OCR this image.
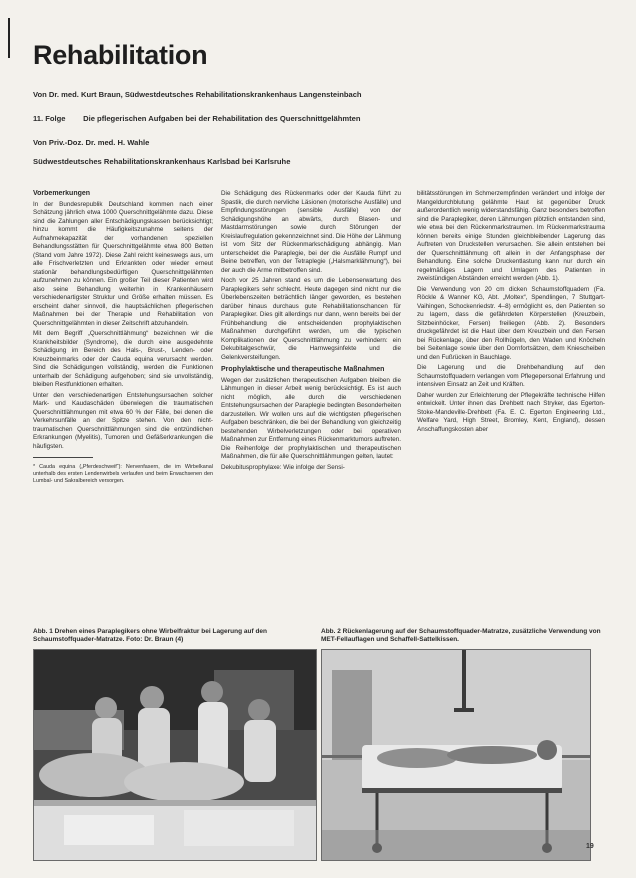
Rehabilitation
Von Dr. med. Kurt Braun, Südwestdeutsches Rehabilitationskrankenhaus Langensteinbach
11. Folge Die pflegerischen Aufgaben bei der Rehabilitation des Querschnittgelähmten
Von Priv.-Doz. Dr. med. H. Wahle
Südwestdeutsches Rehabilitationskrankenhaus Karlsbad bei Karlsruhe
Vorbemerkungen

In der Bundesrepublik Deutschland kommen nach einer Schätzung jährlich etwa 1000 Querschnittgelähmte dazu. Diese sind die Zahlungen aller Entschädigungskassen berücksichtigt; hinzu kommt die Häufigkeitszunahme seitens der Aufnahmekapazität der vorhandenen speziellen Behandlungsstätten für Querschnittgelähmte etwa 800 Betten (Stand vom Jahre 1972). Diese Zahl reicht keineswegs aus, um alle Frischverletzten und Erkrankten oder wieder erneut stationär behandlungsbedürftigen Querschnittgelähmten aufzunehmen zu können. Ein großer Teil dieser Patienten wird also seine Behandlung weiterhin in Krankenhäusern verschiedenartigster Struktur und Größe erhalten müssen. Es erscheint daher sinnvoll, die hauptsächlichen pflegerischen Maßnahmen bei der Therapie und Rehabilitation von Querschnittgelähmten in dieser Zeitschrift abzuhandeln.

Mit dem Begriff „Querschnittlähmung“ bezeichnen wir die Krankheitsbilder (Syndrome), die durch eine ausgedehnte Schädigung im Bereich des Hals-, Brust-, Lenden- oder Kreuzbeinmarks oder der Cauda equina verursacht werden. Sind die Schädigungen vollständig, werden die Funktionen unterhalb der Schädigung aufgehoben; sind sie unvollständig, bleiben Restfunktionen erhalten.

Unter den verschiedenartigen Entstehungsursachen solcher Mark- und Kaudaschäden überwiegen die traumatischen Querschnittlähmungen mit etwa 60 % der Fälle, bei denen die Verkehrsunfälle an der Spitze stehen. Von den nicht-traumatischen Querschnittlähmungen sind die entzündlichen Erkrankungen (Myelitis), Tumoren und Gefäßerkrankungen die häufigsten.

* Cauda equina („Pferdeschweif“): Nervenfasern, die im Wirbelkanal unterhalb des ersten Lendenwirbels verlaufen und beim Erwachsenen den Lumbal- und Sakralbereich versorgen.

Die Schädigung des Rückenmarks oder der Kauda führt zu Spastik, die durch nervliche Läsionen (motorische Ausfälle) und Empfindungsstörungen (sensible Ausfälle) von der Schädigungshöhe an abwärts, durch Blasen- und Mastdarmstörungen sowie durch Störungen der Kreislaufregulation gekennzeichnet sind. Die Höhe der Lähmung ist vom Sitz der Rückenmarkschädigung abhängig. Man unterscheidet die Paraplegie, bei der die Ausfälle Rumpf und Beine betreffen, von der Tetraplegie („Halsmarklähmung“), bei der auch die Arme mitbetroffen sind.

Noch vor 25 Jahren stand es um die Lebenserwartung des Paraplegikers sehr schlecht. Heute dagegen sind nicht nur die Überlebenszeiten beträchtlich länger geworden, es bestehen darüber hinaus durchaus gute Rehabilitationschancen für Paraplegiker. Dies gilt allerdings nur dann, wenn bereits bei der Frühbehandlung die entscheidenden prophylaktischen Maßnahmen durchgeführt werden, um die typischen Komplikationen der Querschnittlähmung zu verhindern: ein Dekubitalgeschwür, die Harnwegsinfekte und die Gelenkversteifungen.

Prophylaktische und therapeutische Maßnahmen

Wegen der zusätzlichen therapeutischen Aufgaben bleiben die Lähmungen in dieser Arbeit wenig berücksichtigt. Es ist auch nicht möglich, alle durch die verschiedenen Entstehungsursachen der Paraplegie bedingten Besonderheiten darzustellen. Wir wollen uns auf die wichtigsten pflegerischen Aufgaben beschränken, die bei der Behandlung von gleichzeitig bestehenden Wirbelverletzungen oder bei operativen Maßnahmen zur Entfernung eines Rückenmarktumors auftreten. Die Reihenfolge der prophylaktischen und therapeutischen Maßnahmen, die für alle Querschnittlähmungen gelten, lautet:

Dekubitusprophylaxe: Wie infolge der Sensi-

bilitätsstörungen im Schmerzempfinden verändert und infolge der Mangeldurchblutung gelähmte Haut ist gegenüber Druck außerordentlich wenig widerstandsfähig. Ganz besonders betroffen sind die Paraplegiker, deren Lähmungen plötzlich entstanden sind, wie etwa bei den Rückenmarkstraumen. Im Rückenmarkstrauma können bereits einige Stunden gleichbleibender Lagerung das Auftreten von Druckstellen verursachen. Sie allein entstehen bei der Querschnittlähmung oft allein in der Anfangsphase der Behandlung. Eine solche Druckentlastung kann nur durch ein regelmäßiges Lagern und Umlagern des Patienten in zweistündigen Abständen erreicht werden (Abb. 1).

Die Verwendung von 20 cm dicken Schaumstoffquadern (Fa. Röckle & Wanner KG, Abt. „Moltex“, Spendlingen, 7 Stuttgart-Vaihingen, Schockenriedstr. 4–8) ermöglicht es, den Patienten so zu lagern, dass die gefährdeten Körperstellen (Kreuzbein, Sitzbeinhöcker, Fersen) freiliegen (Abb. 2). Besonders druckgefährdet ist die Haut über dem Kreuzbein und den Fersen bei Rückenlage, über den Rollhügeln, den Waden und Knöcheln bei Seitenlage sowie über den Dornfortsätzen, dem Kniescheiben und den Fußrücken in Bauchlage.

Die Lagerung und die Drehbehandlung auf den Schaumstoffquadern verlangen vom Pflegepersonal Erfahrung und intensiven Einsatz an Zeit und Kräften.

Daher wurden zur Erleichterung der Pflegekräfte technische Hilfen entwickelt. Unter ihnen das Drehbett nach Stryker, das Egerton-Stoke-Mandeville-Drehbett (Fa. E. C. Egerton Engineering Ltd., Welfare Yard, High Street, Bromley, Kent, England), dessen Anschaffungskosten aber

Abb. 1 Drehen eines Paraplegikers ohne Wirbelfraktur bei Lagerung auf den Schaumstoffquader-Matratze. Foto: Dr. Braun (4)
Abb. 2 Rückenlagerung auf der Schaumstoffquader-Matratze, zusätzliche Verwendung von MET-Fellauflagen und Schaffell-Sattelkissen.
19
